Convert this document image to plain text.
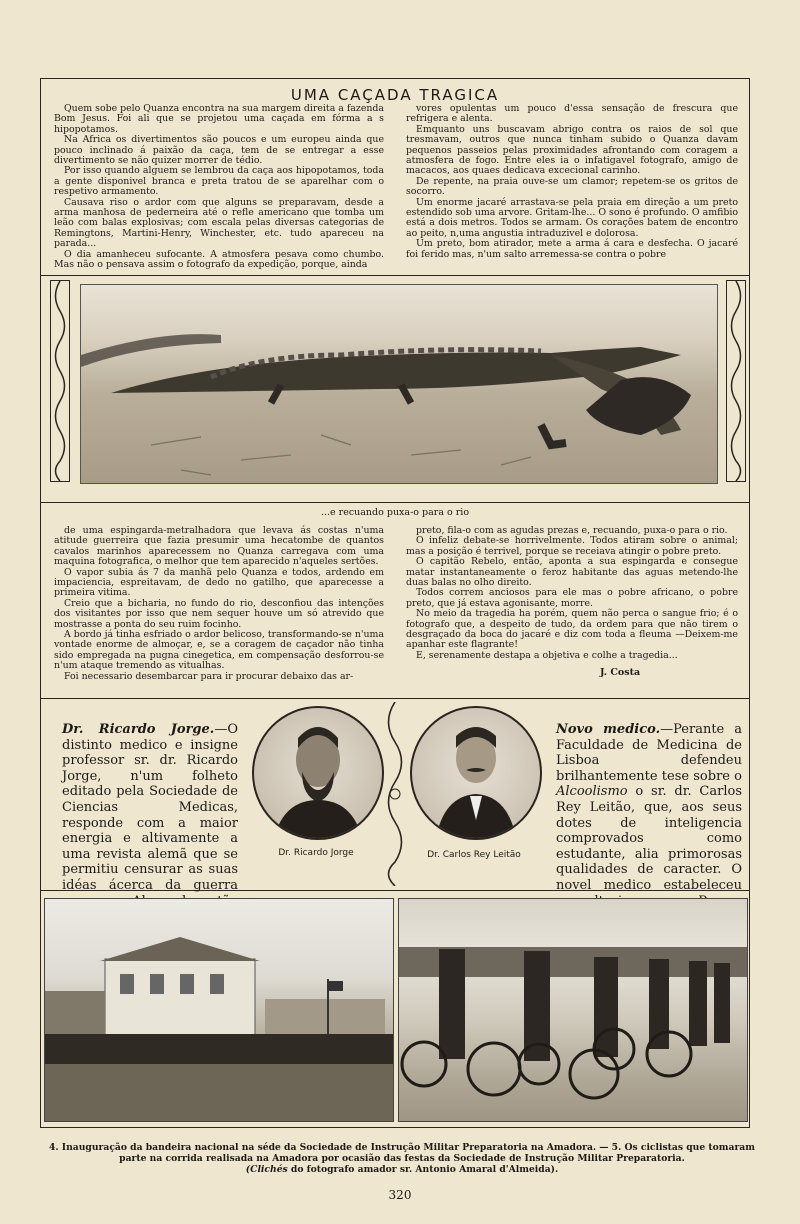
UMA CAÇADA TRAGICA

Quem sobe pelo Quanza encontra na sua margem direita a fazenda Bom Jesus. Foi ali que se projetou uma caçada em fórma a s hipopotamos.

Na Africa os divertimentos são poucos e um europeu ainda que pouco inclinado á paixão da caça, tem de se entregar a esse divertimento se não quizer morrer de tédio.

Por isso quando alguem se lembrou da caça aos hipopotamos, toda a gente disponivel branca e preta tratou de se aparelhar com o respetivo armamento.

Causava riso o ardor com que alguns se preparavam, desde a arma manhosa de pederneira até o refle americano que tomba um leão com balas explosivas; com escala pelas diversas categorias de Remingtons, Martini-Henry, Winchester, etc. tudo apareceu na parada...

O dia amanheceu sufocante. A atmosfera pesava como chumbo. Mas não o pensava assim o fotografo da expedição, porque, ainda

vores opulentas um pouco d'essa sensação de frescura que refrigera e alenta.

Emquanto uns buscavam abrigo contra os raios de sol que tresmavam, outros que nunca tinham subido o Quanza davam pequenos passeios pelas proximidades afrontando com coragem a atmosfera de fogo. Entre eles ia o infatigavel fotografo, amigo de macacos, aos quaes dedicava excecional carinho.

De repente, na praia ouve-se um clamor; repetem-se os gritos de socorro.

Um enorme jacaré arrastava-se pela praia em direção a um preto estendido sob uma arvore. Gritam-lhe... O sono é profundo. O amfibio está a dois metros. Todos se armam. Os corações batem de encontro ao peito, n,uma angustia intraduzivel e dolorosa.

Um preto, bom atirador, mete a arma á cara e desfecha. O jacaré foi ferido mas, n'um salto arremessa-se contra o pobre

...e recuando puxa-o para o rio

de uma espingarda-metralhadora que levava ás costas n'uma atitude guerreira que fazia presumir uma hecatombe de quantos cavalos marinhos aparecessem no Quanza carregava com uma maquina fotografica, o melhor que tem aparecido n'aqueles sertões.

O vapor subia ás 7 da manhã pelo Quanza e todos, ardendo em impaciencia, espreitavam, de dedo no gatilho, que aparecesse a primeira vitima.

Creio que a bicharia, no fundo do rio, desconfiou das intenções dos visitantes por isso que nem sequer houve um só atrevido que mostrasse a ponta do seu ruim focinho.

A bordo já tinha esfriado o ardor belicoso, transformando-se n'uma vontade enorme de almoçar, e, se a coragem de caçador não tinha sido empregada na pugna cinegetica, em compensação desforrou-se n'um ataque tremendo as vitualhas.

Foi necessario desembarcar para ir procurar debaixo das ar-

preto, fila-o com as agudas prezas e, recuando, puxa-o para o rio.

O infeliz debate-se horrivelmente. Todos atiram sobre o animal; mas a posição é terrivel, porque se receiava atingir o pobre preto.

O capitão Rebelo, então, aponta a sua espingarda e consegue matar instantaneamente o feroz habitante das aguas metendo-lhe duas balas no olho direito.

Todos correm anciosos para ele mas o pobre africano, o pobre preto, que já estava agonisante, morre.

No meio da tragedia ha porém, quem não perca o sangue frio; é o fotografo que, a despeito de tudo, da ordem para que não tirem o desgraçado da boca do jacaré e diz com toda a fleuma —Deixem-me apanhar este flagrante!

E, serenamente destapa a objetiva e colhe a tragedia...

J. Costa
Dr. Ricardo Jorge.—O distinto medico e insigne professor sr. dr. Ricardo Jorge, n'um folheto editado pela Sociedade de Ciencias Medicas, responde com a maior energia e altivamente a uma revista alemã que se permitiu censurar as suas idéas ácerca da guerra
Novo medico.—Perante a Faculdade de Medicina de Lisboa defendeu brilhantemente tese sobre o Alcoolismo o sr. dr. Carlos Rey Leitão, que, aos seus dotes de inteligencia comprovados como estudante, alia primorosas qualidades de caracter. O novel medico estabeleceu
Dr. Ricardo Jorge	Dr. Carlos Rey Leitão
4. Inauguração da bandeira nacional na séde da Sociedade de Instrução Militar Preparatoria na Amadora. — 5. Os ciclistas que tomaram
parte na corrida realisada na Amadora por ocasião das festas da Sociedade de Instrução Militar Preparatoria.
(Clichés do fotografo amador sr. Antonio Amaral d'Almeida).
320
